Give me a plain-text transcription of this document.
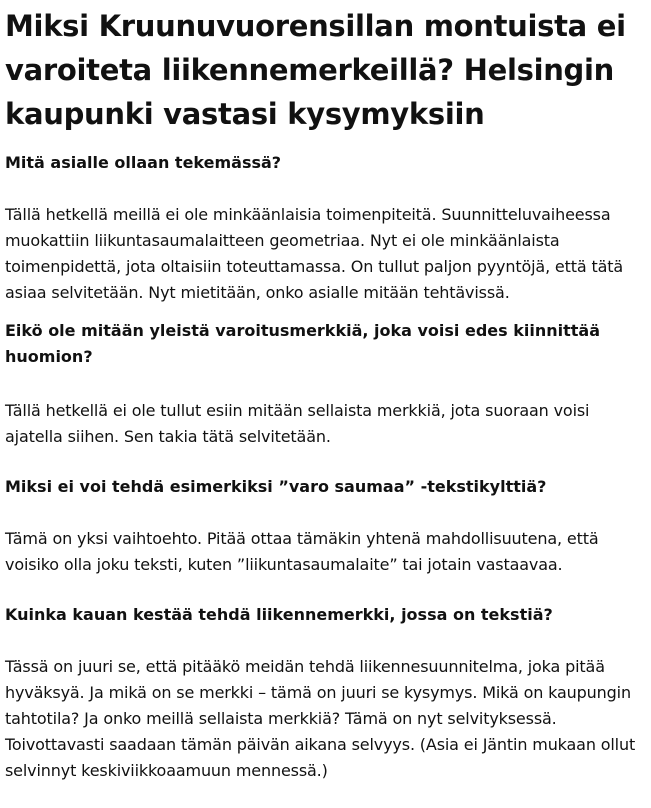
Miksi Kruunuvuorensillan montuista ei varoiteta liikennemerkeillä? Helsingin kaupunki vastasi kysymyksiin
Mitä asialle ollaan tekemässä?

Tällä hetkellä meillä ei ole minkäänlaisia toimenpiteitä. Suunnitteluvaiheessa muokattiin liikuntasaumalaitteen geometriaa. Nyt ei ole minkäänlaista toimenpidettä, jota oltaisiin toteuttamassa. On tullut paljon pyyntöjä, että tätä asiaa selvitetään. Nyt mietitään, onko asialle mitään tehtävissä.

Eikö ole mitään yleistä varoitusmerkkiä, joka voisi edes kiinnittää huomion?

Tällä hetkellä ei ole tullut esiin mitään sellaista merkkiä, jota suoraan voisi ajatella siihen. Sen takia tätä selvitetään.

Miksi ei voi tehdä esimerkiksi ”varo saumaa” -tekstikylttiä?

Tämä on yksi vaihtoehto. Pitää ottaa tämäkin yhtenä mahdollisuutena, että voisiko olla joku teksti, kuten ”liikuntasaumalaite” tai jotain vastaavaa.

Kuinka kauan kestää tehdä liikennemerkki, jossa on tekstiä?

Tässä on juuri se, että pitääkö meidän tehdä liikennesuunnitelma, joka pitää hyväksyä. Ja mikä on se merkki – tämä on juuri se kysymys. Mikä on kaupungin tahtotila? Ja onko meillä sellaista merkkiä? Tämä on nyt selvityksessä. Toivottavasti saadaan tämän päivän aikana selvyys. (Asia ei Jäntin mukaan ollut selvinnyt keskiviikkoaamuun mennessä.)
